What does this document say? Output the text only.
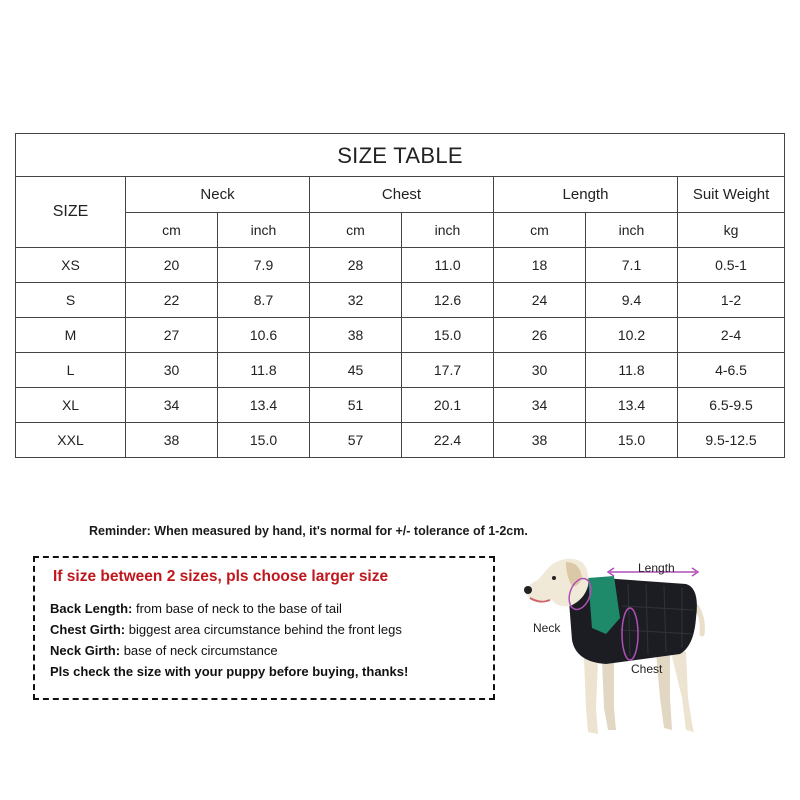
SIZE TABLE							
SIZE	Neck		Chest		Length		Suit Weight
	cm	inch	cm	inch	cm	inch	kg
XS	20	7.9	28	11.0	18	7.1	0.5-1
S	22	8.7	32	12.6	24	9.4	1-2
M	27	10.6	38	15.0	26	10.2	2-4
L	30	11.8	45	17.7	30	11.8	4-6.5
XL	34	13.4	51	20.1	34	13.4	6.5-9.5
XXL	38	15.0	57	22.4	38	15.0	9.5-12.5
Reminder: When measured by hand, it's normal for +/- tolerance of 1-2cm.
If size between 2 sizes, pls choose larger size
Back Length: from base of neck to the base of tail
Chest Girth: biggest area circumstance behind the front legs
Neck Girth: base of neck circumstance
Pls check the size with your puppy before buying, thanks!
Length
Neck
Chest
